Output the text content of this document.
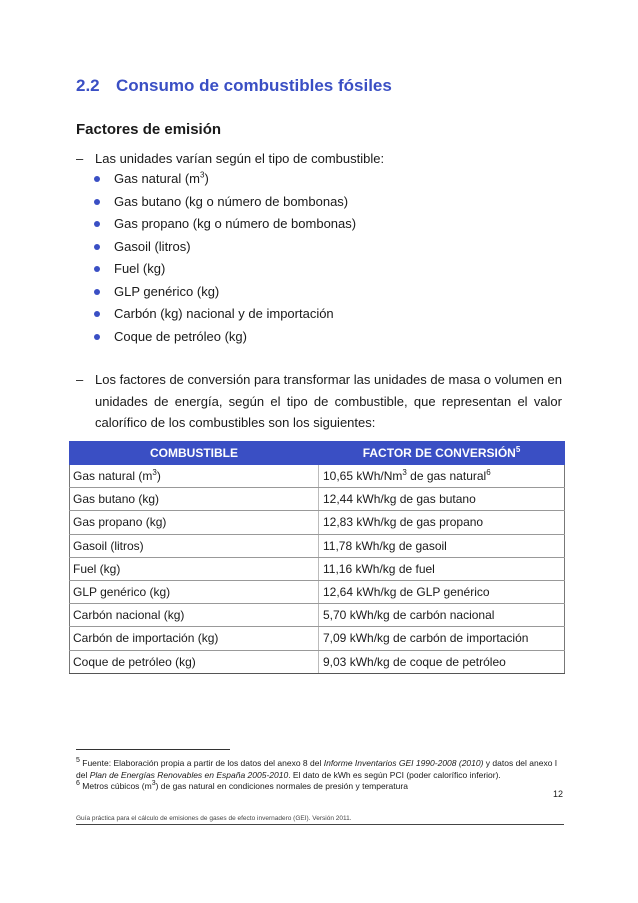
2.2 Consumo de combustibles fósiles
Factores de emisión
– Las unidades varían según el tipo de combustible:
Gas natural $(m^3)$
Gas butano (kg o número de bombonas)
Gas propano (kg o número de bombonas)
Gasoil (litros)
Fuel (kg)
GLP genérico (kg)
Carbón (kg) nacional y de importación
Coque de petróleo (kg)
– Los factores de conversión para transformar las unidades de masa o volumen en unidades de energía, según el tipo de combustible, que representan el valor calorífico de los combustibles son los siguientes:

COMBUSTIBLE	FACTOR DE CONVERSIÓN$^5$
Gas natural $(m^3)$	10,65 kWh/Nm$^3$ de gas natural$^6$
Gas butano (kg)	12,44 kWh/kg de gas butano
Gas propano (kg)	12,83 kWh/kg de gas propano
Gasoil (litros)	11,78 kWh/kg de gasoil
Fuel (kg)	11,16 kWh/kg de fuel
GLP genérico (kg)	12,64 kWh/kg de GLP genérico
Carbón nacional (kg)	5,70 kWh/kg de carbón nacional
Carbón de importación (kg)	7,09 kWh/kg de carbón de importación
Coque de petróleo (kg)	9,03 kWh/kg de coque de petróleo
$^5$ Fuente: Elaboración propia a partir de los datos del anexo 8 del Informe Inventarios GEI 1990-2008 (2010) y datos del anexo I
del Plan de Energías Renovables en España 2005-2010. El dato de kWh es según PCI (poder calorífico inferior).
$^6$ Metros cúbicos $(m^3)$ de gas natural en condiciones normales de presión y temperatura
12
Guía práctica para el cálculo de emisiones de gases de efecto invernadero (GEI). Versión 2011.
